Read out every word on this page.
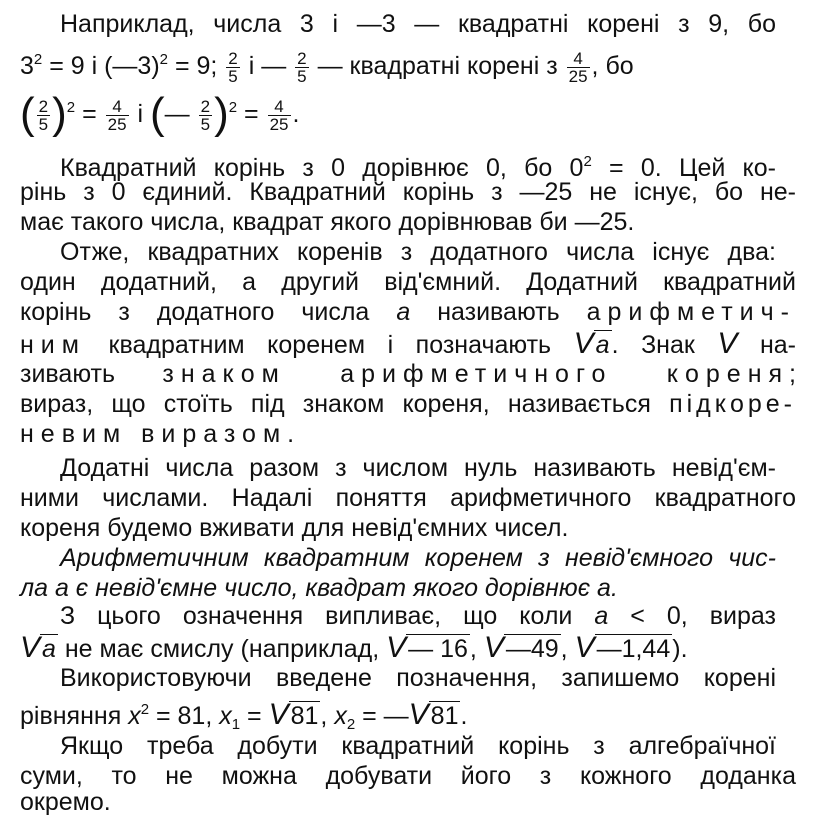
Наприклад, числа 3 і —3 — квадратні корені з 9, бо
$3^2 = 9$ і (—3)$^2$ = 9; $\frac{2}{5}$ і — $\frac{2}{5}$ — квадратні корені з $\frac{4}{25}$ , бо
( $\frac{2}{5} )^2 = \frac{4}{25}$ і (— $\frac{2}{5} )^2 = \frac{4}{25}$ .
Квадратний корінь з 0 дорівнює 0, бо $0^2 = 0$. Цей ко-
рінь з 0 єдиний. Квадратний корінь з —25 не існує, бо не-
має такого числа, квадрат якого дорівнював би —25.
Отже, квадратних коренів з додатного числа існує два:
один додатний, а другий від'ємний. Додатний квадратний
корінь з додатного числа a називають арифметич-
ним квадратним коренем і позначають Va. Знак V на-
зивають знаком арифметичного кореня;
вираз, що стоїть під знаком кореня, називається підкоре-
невим виразом.
Додатні числа разом з числом нуль називають невід'єм-
ними числами. Надалі поняття арифметичного квадратного
кореня будемо вживати для невід'ємних чисел.
Арифметичним квадратним коренем з невід'ємного чис-
ла a є невід'ємне число, квадрат якого дорівнює a.
З цього означення випливає, що коли a < 0, вираз
Va не має смислу (наприклад, V— 16, V—49, V—1,44).
Використовуючи введене позначення, запишемо корені
рівняння $x^2 = 81$, $x_1 = V81$, $x_2$ = —V81.
Якщо треба добути квадратний корінь з алгебраїчної
суми, то не можна добувати його з кожного доданка
окремо.
